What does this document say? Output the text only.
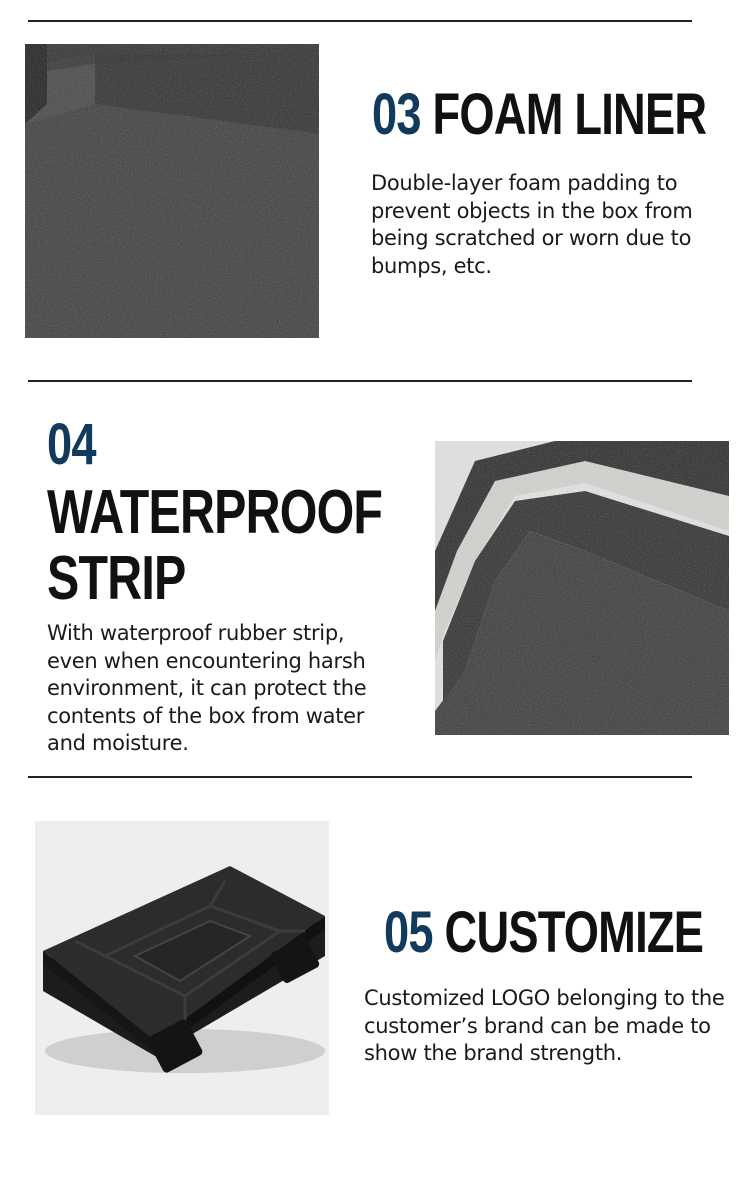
03 FOAM LINER

Double-layer foam padding to prevent objects in the box from being scratched or worn due to bumps, etc.

04
WATERPROOF
STRIP

With waterproof rubber strip, even when encountering harsh environment, it can protect the contents of the box from water and moisture.

05 CUSTOMIZE

Customized LOGO belonging to the customer’s brand can be made to show the brand strength.
